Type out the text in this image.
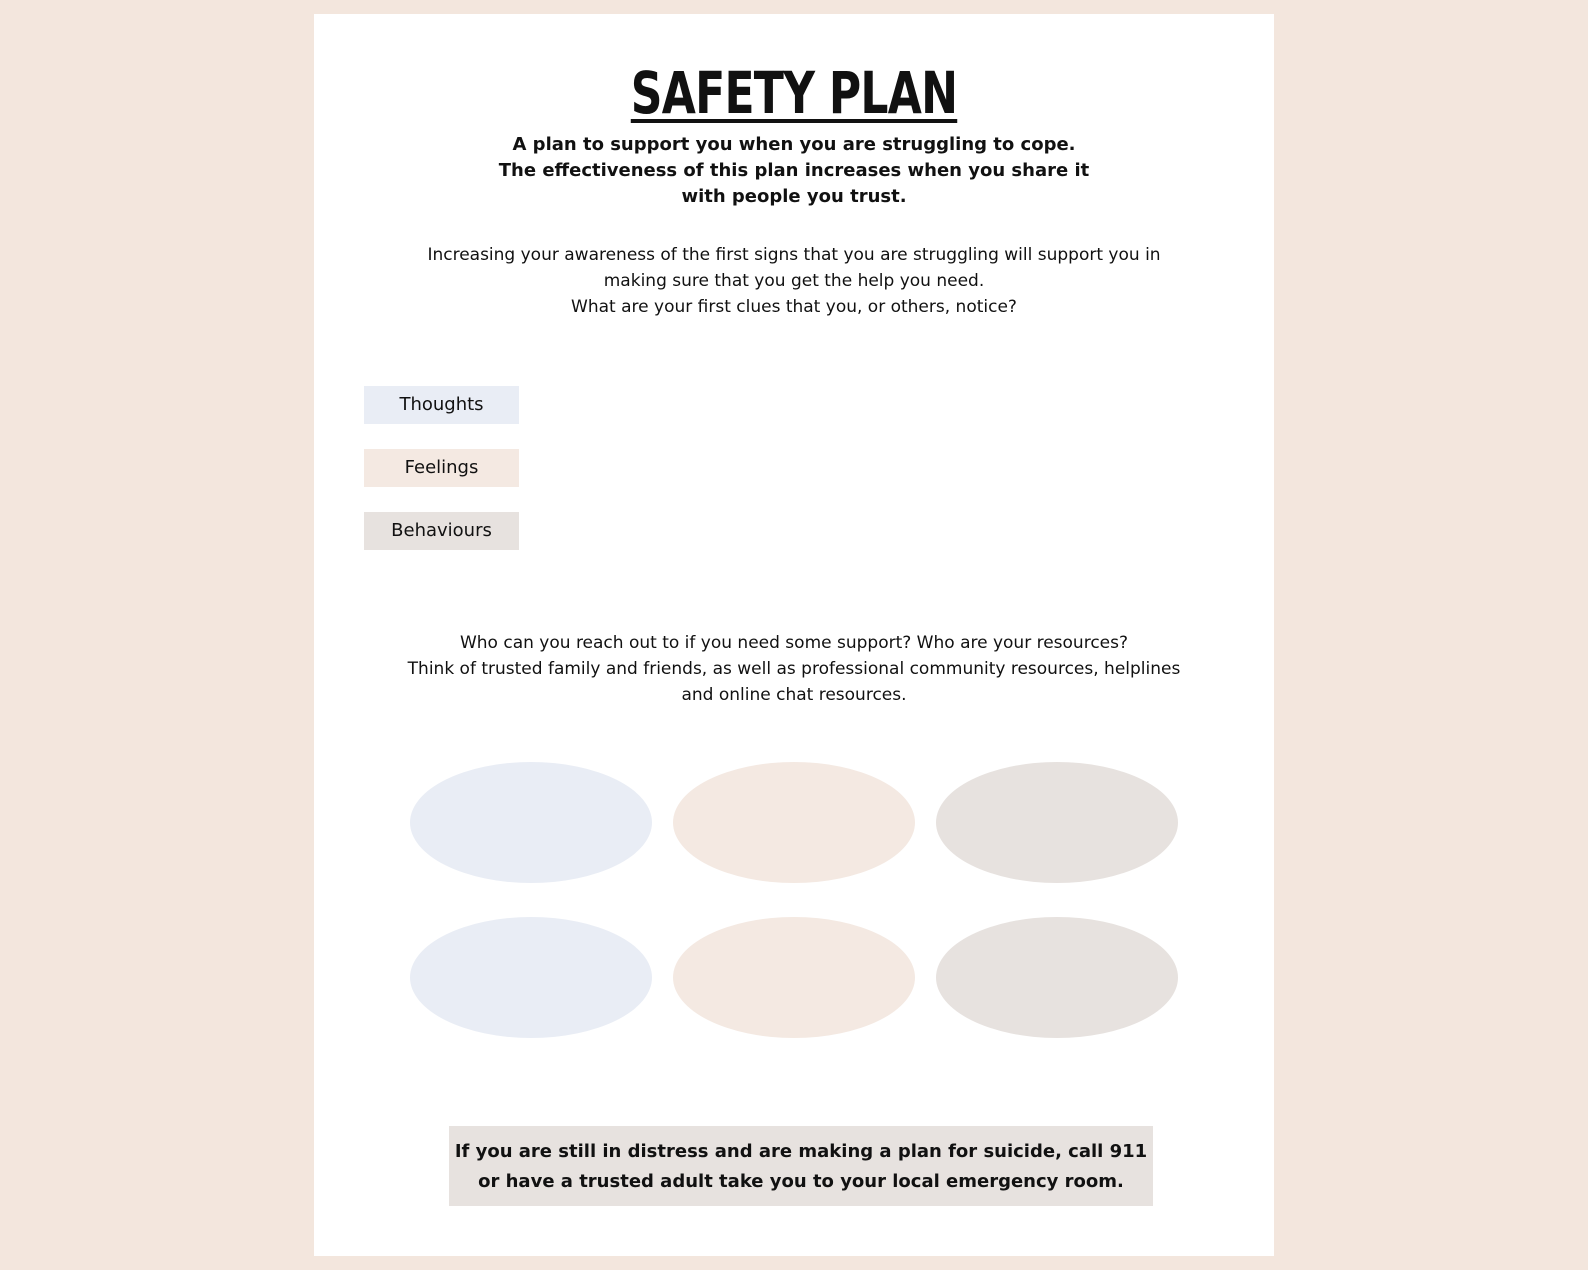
SAFETY PLAN
A plan to support you when you are struggling to cope.
The effectiveness of this plan increases when you share it
with people you trust.
Increasing your awareness of the first signs that you are struggling will support you in
making sure that you get the help you need.
What are your first clues that you, or others, notice?
Thoughts
Feelings
Behaviours
Who can you reach out to if you need some support? Who are your resources?
Think of trusted family and friends, as well as professional community resources, helplines
and online chat resources.
If you are still in distress and are making a plan for suicide, call 911
or have a trusted adult take you to your local emergency room.
